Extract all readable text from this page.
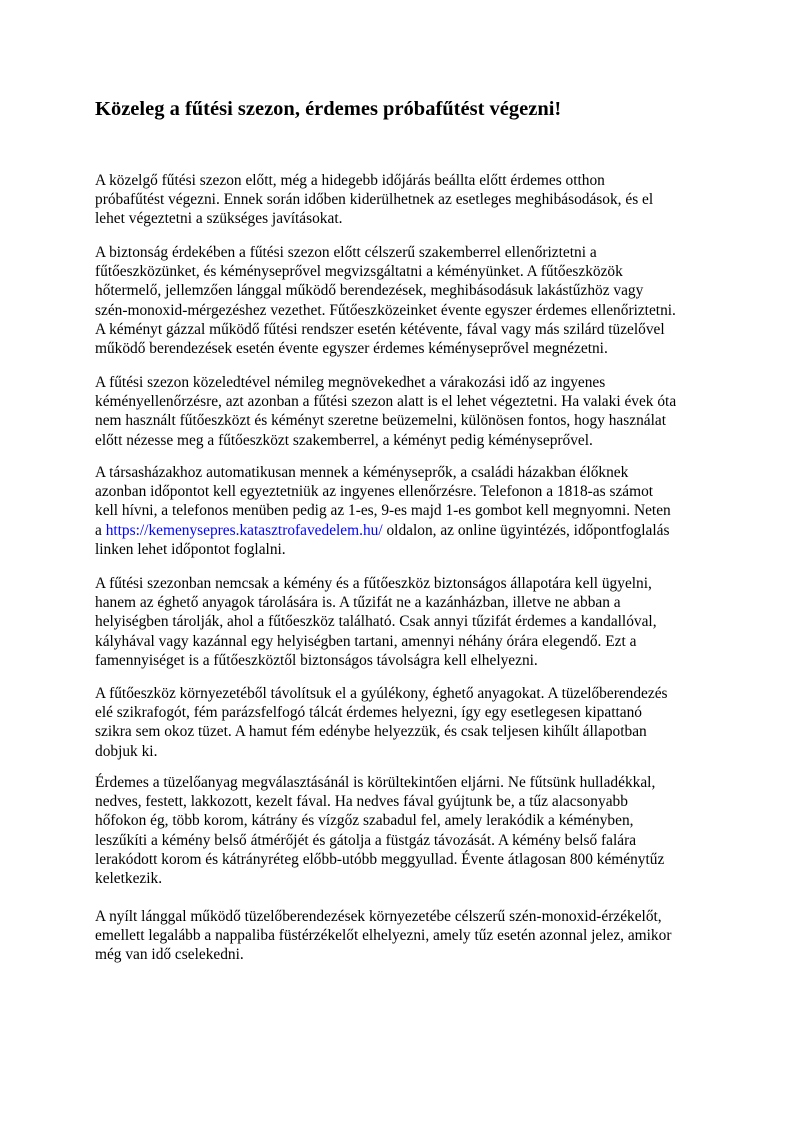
Közeleg a fűtési szezon, érdemes próbafűtést végezni!
A közelgő fűtési szezon előtt, még a hidegebb időjárás beállta előtt érdemes otthon
próbafűtést végezni. Ennek során időben kiderülhetnek az esetleges meghibásodások, és el
lehet végeztetni a szükséges javításokat.
A biztonság érdekében a fűtési szezon előtt célszerű szakemberrel ellenőriztetni a
fűtőeszközünket, és kéményseprővel megvizsgáltatni a kéményünket. A fűtőeszközök
hőtermelő, jellemzően lánggal működő berendezések, meghibásodásuk lakástűzhöz vagy
szén-monoxid-mérgezéshez vezethet. Fűtőeszközeinket évente egyszer érdemes ellenőriztetni.
A kéményt gázzal működő fűtési rendszer esetén kétévente, fával vagy más szilárd tüzelővel
működő berendezések esetén évente egyszer érdemes kéményseprővel megnézetni.
A fűtési szezon közeledtével némileg megnövekedhet a várakozási idő az ingyenes
kéményellenőrzésre, azt azonban a fűtési szezon alatt is el lehet végeztetni. Ha valaki évek óta
nem használt fűtőeszközt és kéményt szeretne beüzemelni, különösen fontos, hogy használat
előtt nézesse meg a fűtőeszközt szakemberrel, a kéményt pedig kéményseprővel.
A társasházakhoz automatikusan mennek a kéményseprők, a családi házakban élőknek
azonban időpontot kell egyeztetniük az ingyenes ellenőrzésre. Telefonon a 1818-as számot
kell hívni, a telefonos menüben pedig az 1-es, 9-es majd 1-es gombot kell megnyomni. Neten
a https://kemenysepres.katasztrofavedelem.hu/ oldalon, az online ügyintézés, időpontfoglalás
linken lehet időpontot foglalni.
A fűtési szezonban nemcsak a kémény és a fűtőeszköz biztonságos állapotára kell ügyelni,
hanem az éghető anyagok tárolására is. A tűzifát ne a kazánházban, illetve ne abban a
helyiségben tárolják, ahol a fűtőeszköz található. Csak annyi tűzifát érdemes a kandallóval,
kályhával vagy kazánnal egy helyiségben tartani, amennyi néhány órára elegendő. Ezt a
famennyiséget is a fűtőeszköztől biztonságos távolságra kell elhelyezni.
A fűtőeszköz környezetéből távolítsuk el a gyúlékony, éghető anyagokat. A tüzelőberendezés
elé szikrafogót, fém parázsfelfogó tálcát érdemes helyezni, így egy esetlegesen kipattanó
szikra sem okoz tüzet. A hamut fém edénybe helyezzük, és csak teljesen kihűlt állapotban
dobjuk ki.
Érdemes a tüzelőanyag megválasztásánál is körültekintően eljárni. Ne fűtsünk hulladékkal,
nedves, festett, lakkozott, kezelt fával. Ha nedves fával gyújtunk be, a tűz alacsonyabb
hőfokon ég, több korom, kátrány és vízgőz szabadul fel, amely lerakódik a kéményben,
leszűkíti a kémény belső átmérőjét és gátolja a füstgáz távozását. A kémény belső falára
lerakódott korom és kátrányréteg előbb-utóbb meggyullad. Évente átlagosan 800 kéménytűz
keletkezik.
A nyílt lánggal működő tüzelőberendezések környezetébe célszerű szén-monoxid-érzékelőt,
emellett legalább a nappaliba füstérzékelőt elhelyezni, amely tűz esetén azonnal jelez, amikor
még van idő cselekedni.
